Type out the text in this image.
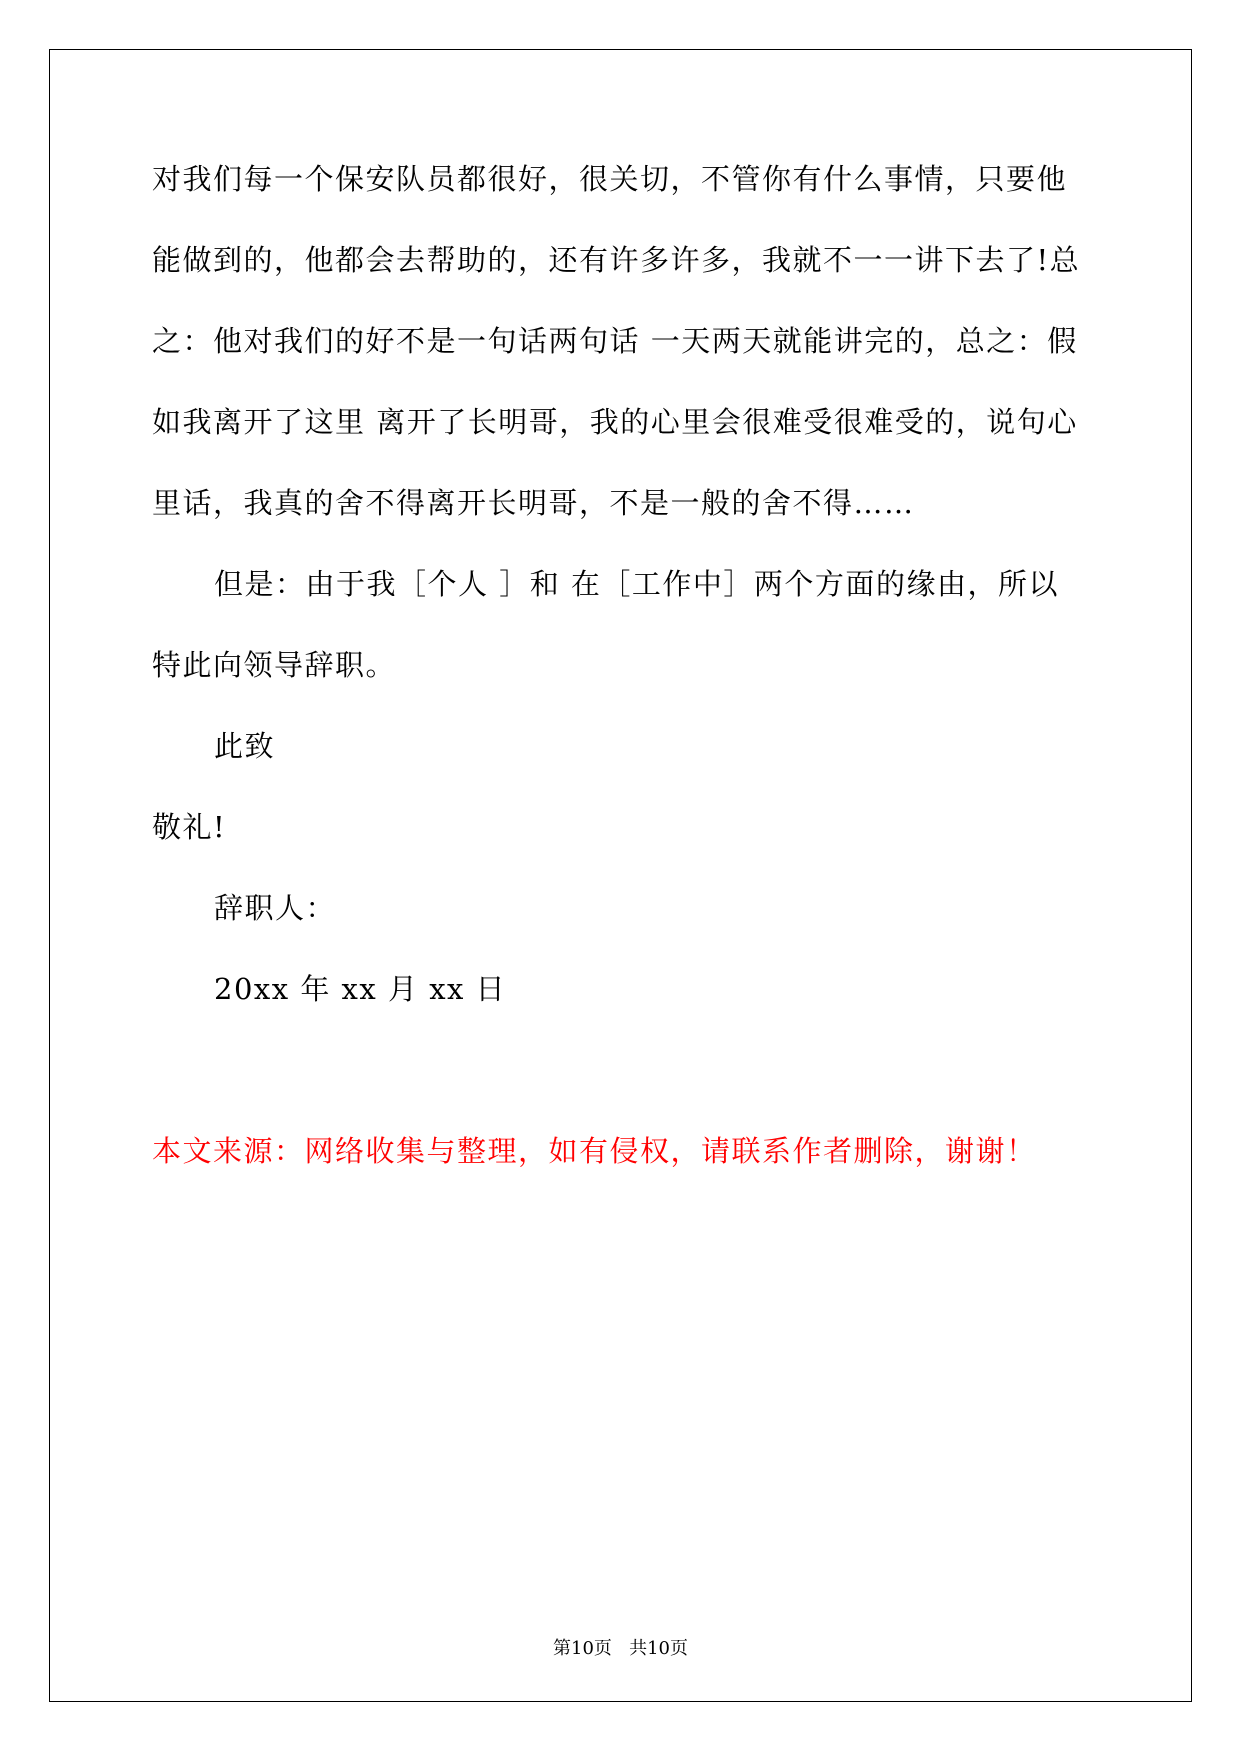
对我们每一个保安队员都很好，很关切，不管你有什么事情，只要他
能做到的，他都会去帮助的，还有许多许多，我就不一一讲下去了!总
之：他对我们的好不是一句话两句话 一天两天就能讲完的，总之：假
如我离开了这里 离开了长明哥，我的心里会很难受很难受的，说句心
里话，我真的舍不得离开长明哥，不是一般的舍不得……
但是：由于我［个人 ］和 在［工作中］两个方面的缘由，所以
特此向领导辞职。
此致
敬礼!
辞职人：
20xx 年 xx 月 xx 日
本文来源：网络收集与整理，如有侵权，请联系作者删除，谢谢！
第10页   共10页
